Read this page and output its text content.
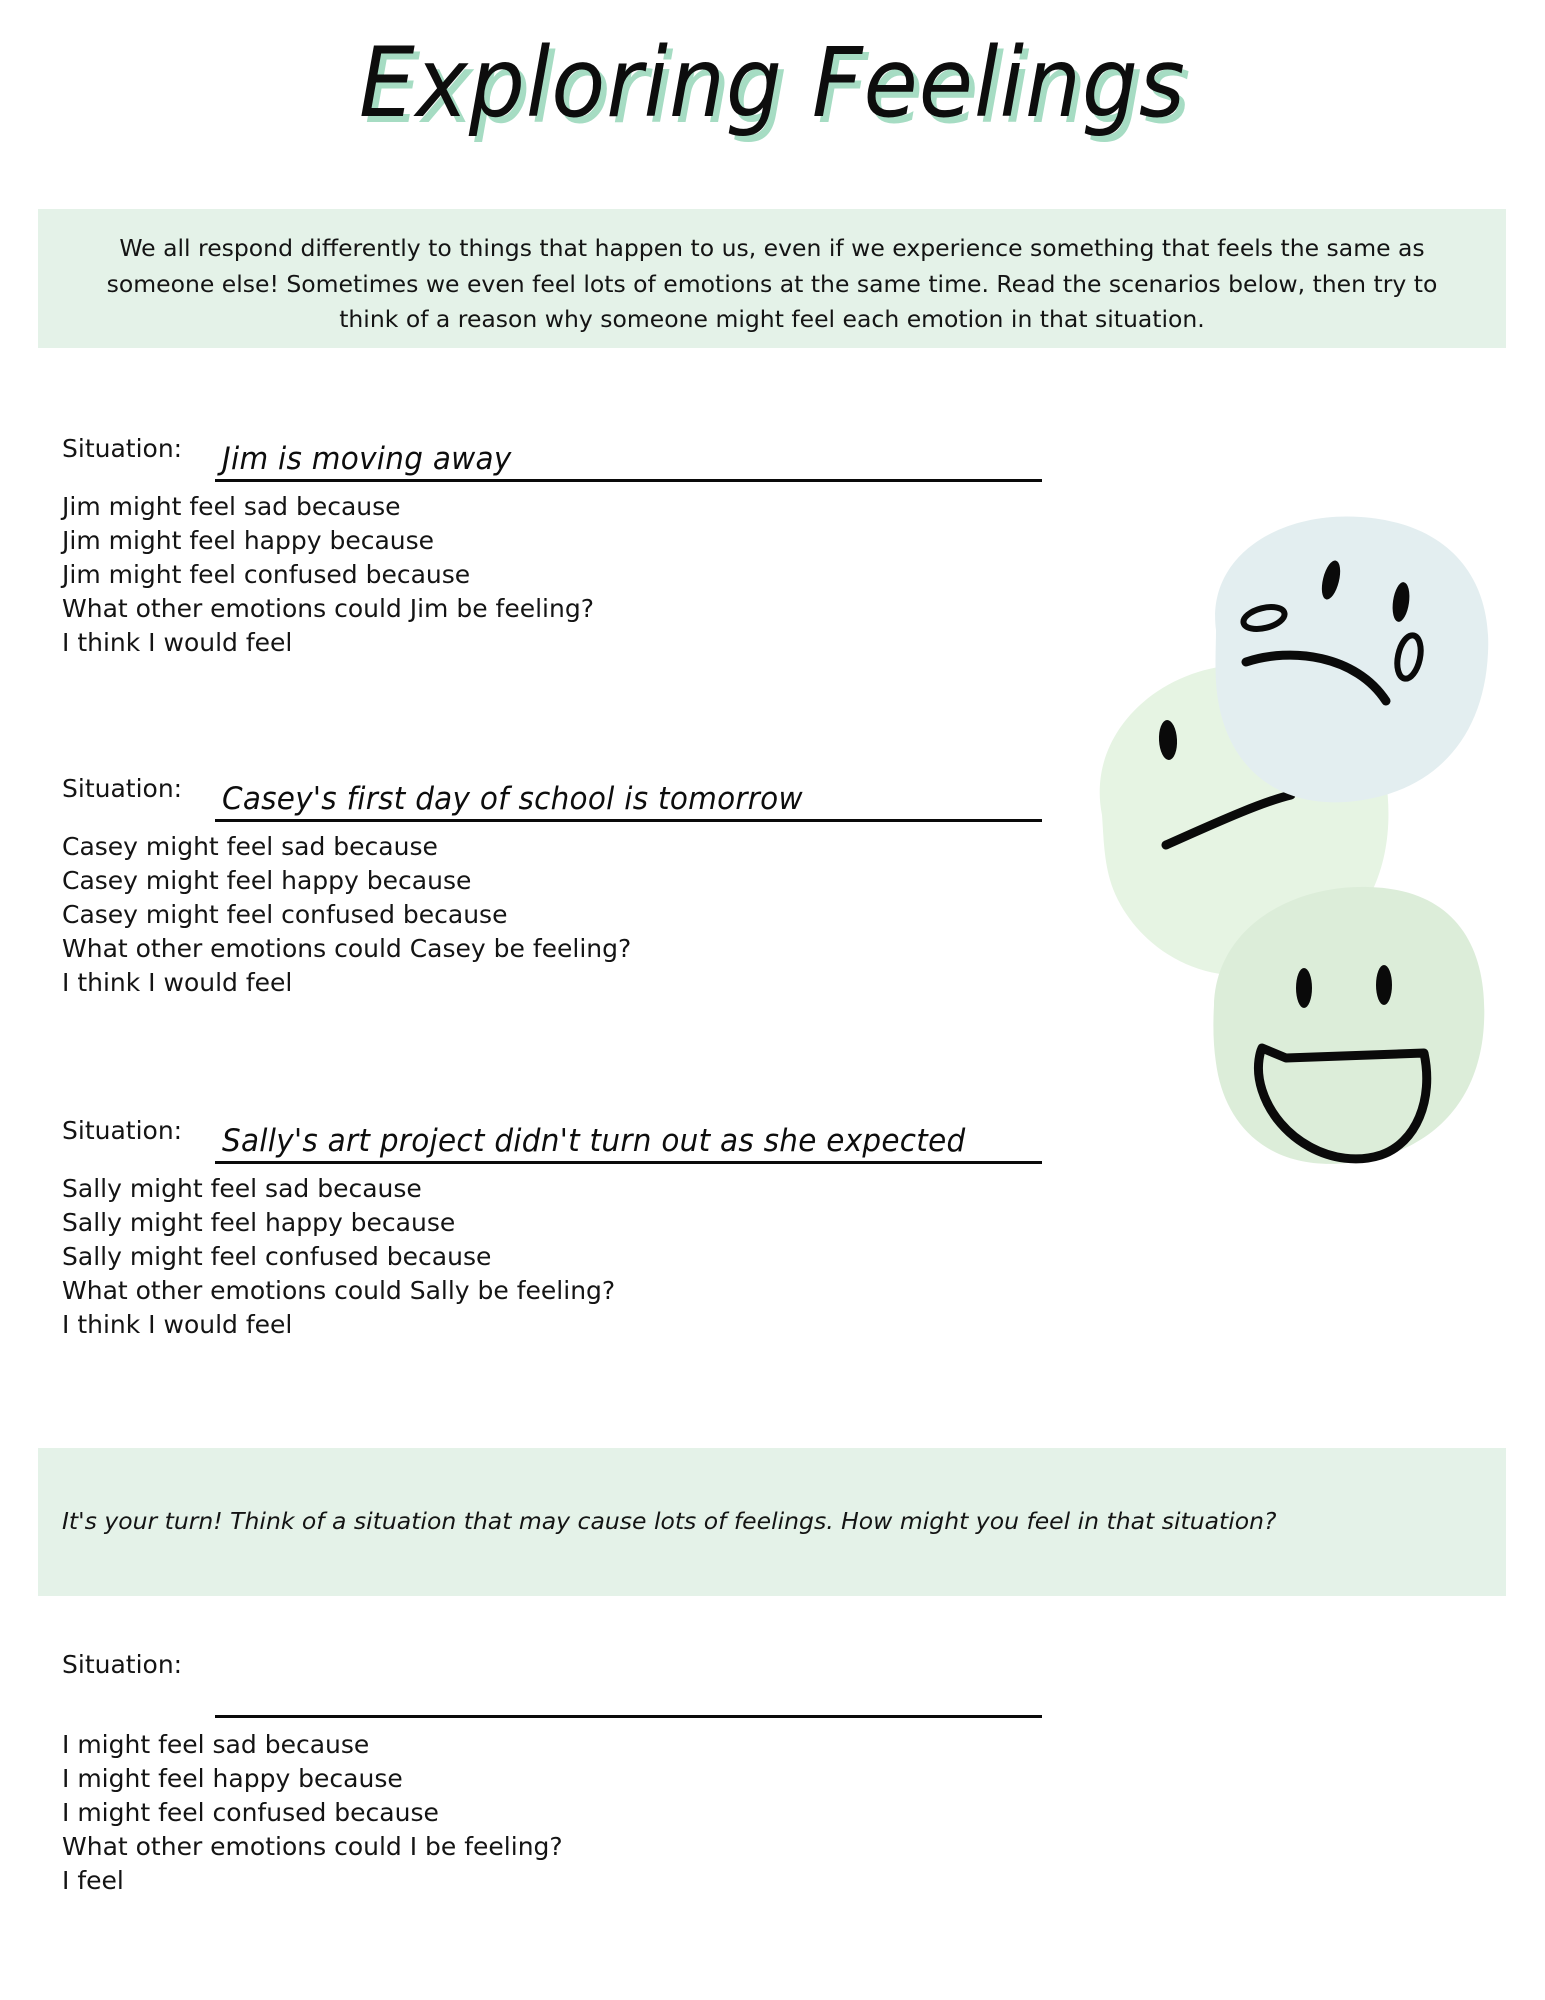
Exploring Feelings

We all respond differently to things that happen to us, even if we experience something that feels the same as someone else! Sometimes we even feel lots of emotions at the same time. Read the scenarios below, then try to think of a reason why someone might feel each emotion in that situation.

Situation: Jim is moving away
Jim might feel sad because
Jim might feel happy because
Jim might feel confused because
What other emotions could Jim be feeling?
I think I would feel
Situation: Casey's first day of school is tomorrow
Casey might feel sad because
Casey might feel happy because
Casey might feel confused because
What other emotions could Casey be feeling?
I think I would feel
Situation: Sally's art project didn't turn out as she expected
Sally might feel sad because
Sally might feel happy because
Sally might feel confused because
What other emotions could Sally be feeling?
I think I would feel

It's your turn! Think of a situation that may cause lots of feelings. How might you feel in that situation?

Situation:
I might feel sad because
I might feel happy because
I might feel confused because
What other emotions could I be feeling?
I feel
